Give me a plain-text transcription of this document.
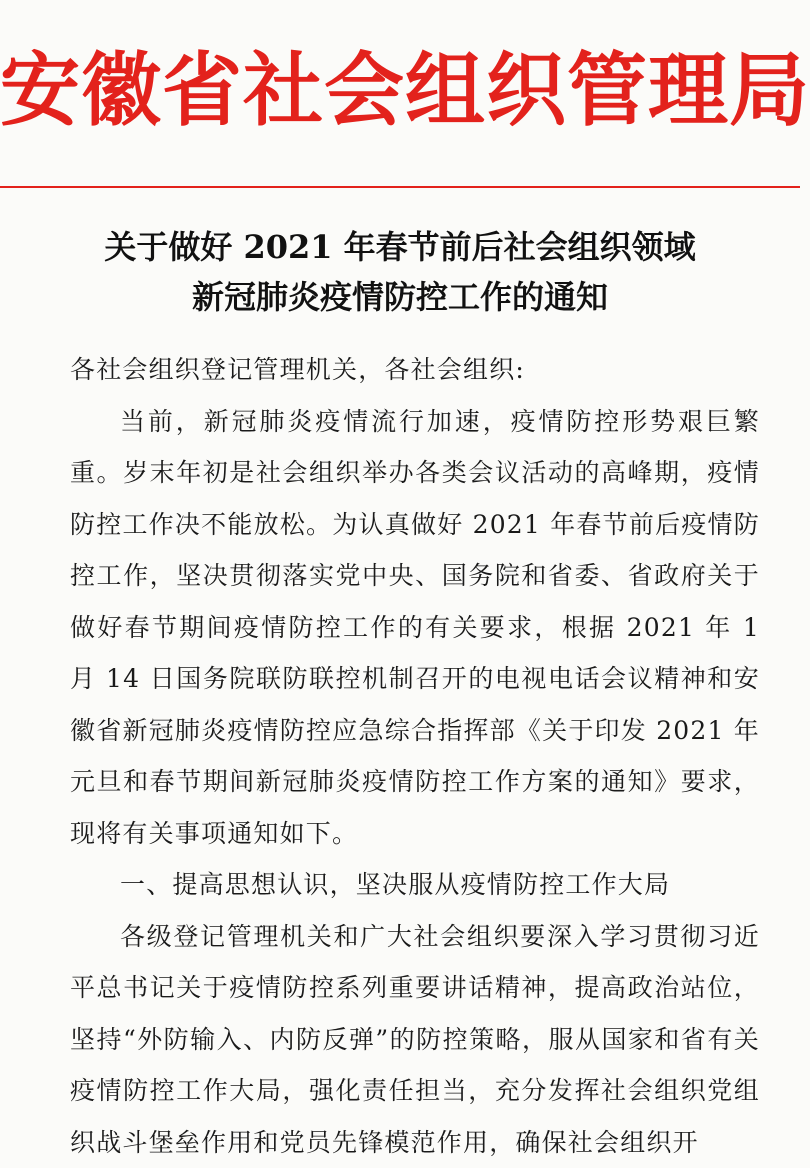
安徽省社会组织管理局
关于做好 2021 年春节前后社会组织领域
新冠肺炎疫情防控工作的通知

各社会组织登记管理机关，各社会组织:

当前，新冠肺炎疫情流行加速，疫情防控形势艰巨繁重。岁末年初是社会组织举办各类会议活动的高峰期，疫情防控工作决不能放松。为认真做好 2021 年春节前后疫情防控工作，坚决贯彻落实党中央、国务院和省委、省政府关于做好春节期间疫情防控工作的有关要求，根据 2021 年 1 月 14 日国务院联防联控机制召开的电视电话会议精神和安徽省新冠肺炎疫情防控应急综合指挥部《关于印发 2021 年元旦和春节期间新冠肺炎疫情防控工作方案的通知》要求，现将有关事项通知如下。

一、提高思想认识，坚决服从疫情防控工作大局

各级登记管理机关和广大社会组织要深入学习贯彻习近平总书记关于疫情防控系列重要讲话精神，提高政治站位，坚持“外防输入、内防反弹”的防控策略，服从国家和省有关疫情防控工作大局，强化责任担当，充分发挥社会组织党组织战斗堡垒作用和党员先锋模范作用，确保社会组织开
